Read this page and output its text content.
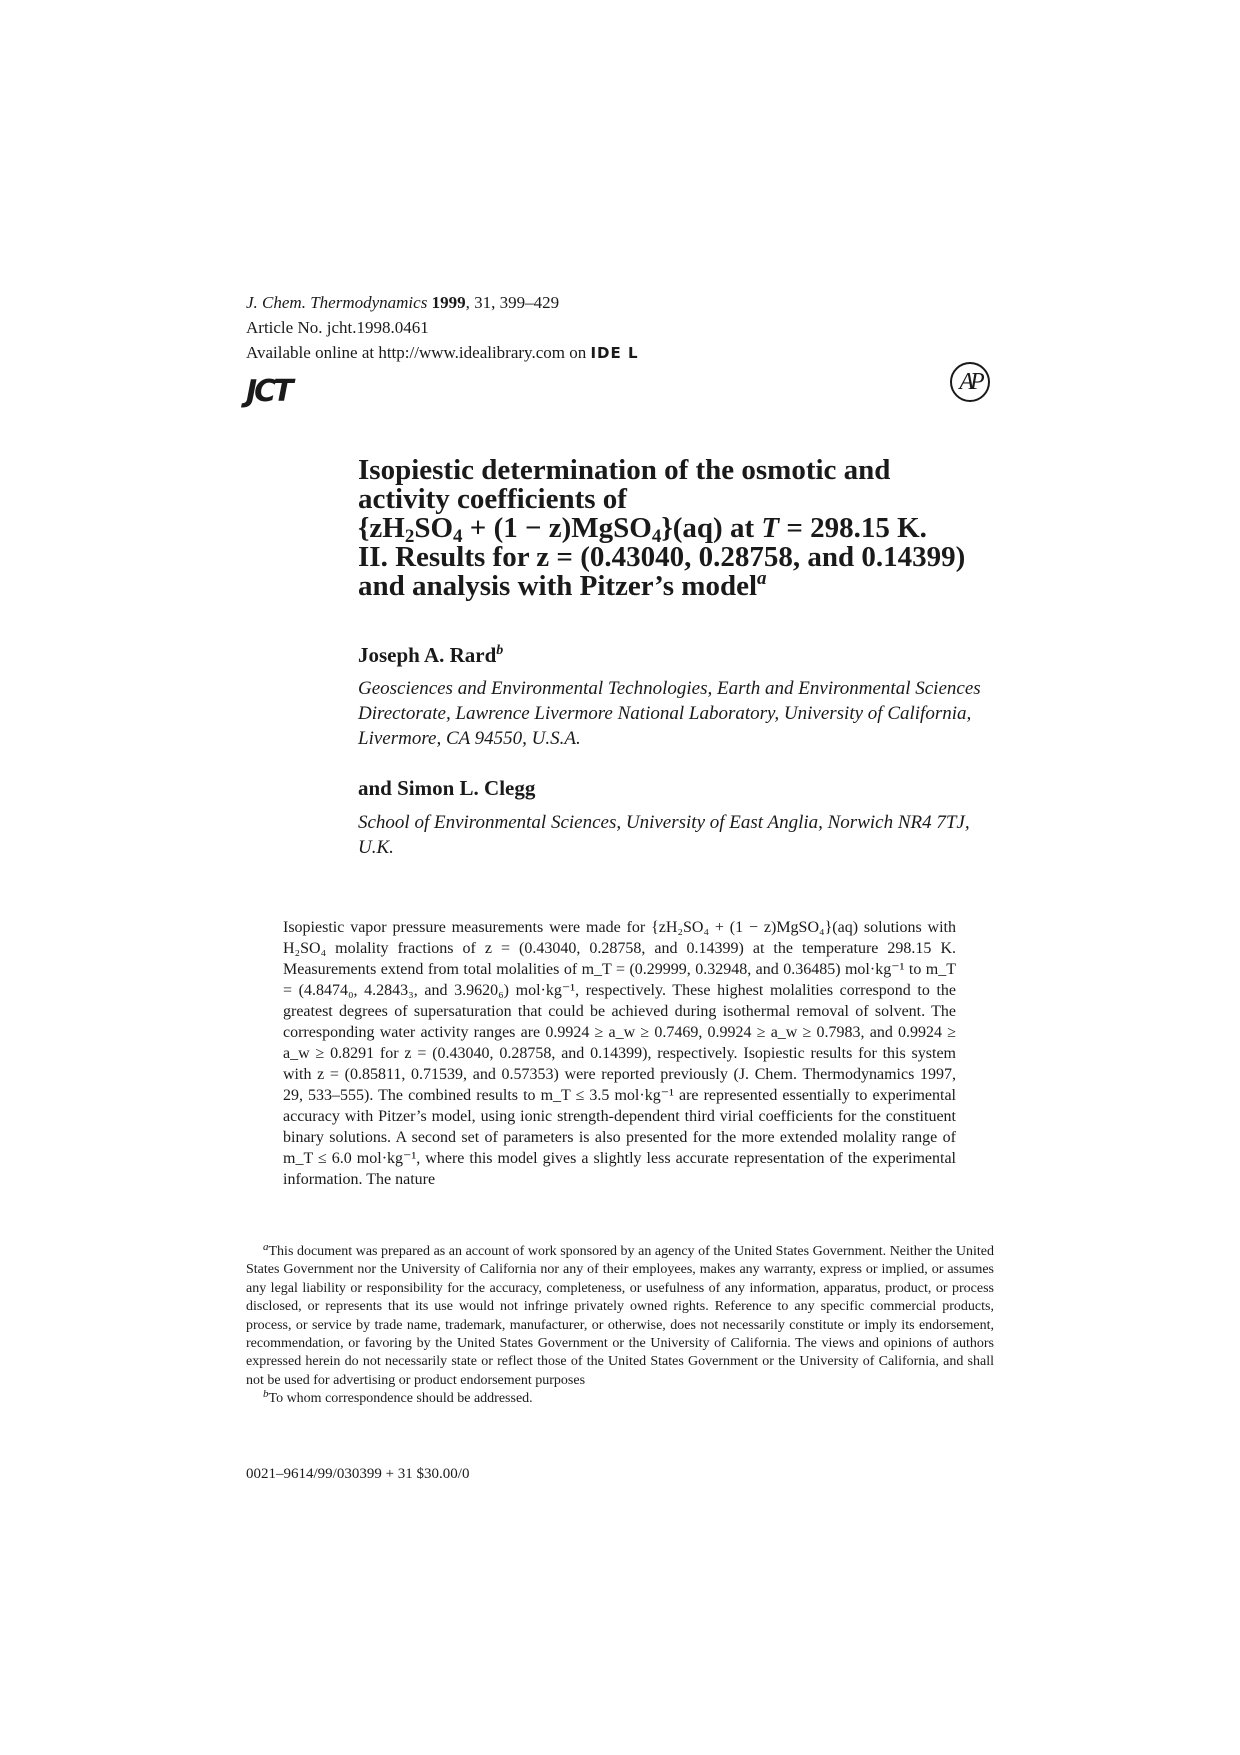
J. Chem. Thermodynamics 1999, 31, 399–429
Article No. jcht.1998.0461
Available online at http://www.idealibrary.com on IDE L
JCT	AP
Isopiestic determination of the osmotic and
activity coefficients of
{$zH_2SO_4 + (1$ − z)MgSO$_4$}(aq) at T = 298.15 K.
II. Results for z = (0.43040, 0.28758, and 0.14399)
and analysis with Pitzer’s model$^a$
Joseph A. Rard$^b$
Geosciences and Environmental Technologies, Earth and Environmental Sciences Directorate, Lawrence Livermore National Laboratory, University of California, Livermore, CA 94550, U.S.A.
and Simon L. Clegg
School of Environmental Sciences, University of East Anglia, Norwich NR4 7TJ, U.K.

Isopiestic vapor pressure measurements were made for {zH₂SO₄ + (1 − z)MgSO₄}(aq) solutions with H₂SO₄ molality fractions of z = (0.43040, 0.28758, and 0.14399) at the temperature 298.15 K. Measurements extend from total molalities of m_T = (0.29999, 0.32948, and 0.36485) mol·kg⁻¹ to m_T = (4.8474₀, 4.2843₃, and 3.9620₆) mol·kg⁻¹, respectively. These highest molalities correspond to the greatest degrees of supersaturation that could be achieved during isothermal removal of solvent. The corresponding water activity ranges are 0.9924 ≥ a_w ≥ 0.7469, 0.9924 ≥ a_w ≥ 0.7983, and 0.9924 ≥ a_w ≥ 0.8291 for z = (0.43040, 0.28758, and 0.14399), respectively. Isopiestic results for this system with z = (0.85811, 0.71539, and 0.57353) were reported previously (J. Chem. Thermodynamics 1997, 29, 533–555). The combined results to m_T ≤ 3.5 mol·kg⁻¹ are represented essentially to experimental accuracy with Pitzer’s model, using ionic strength-dependent third virial coefficients for the constituent binary solutions. A second set of parameters is also presented for the more extended molality range of m_T ≤ 6.0 mol·kg⁻¹, where this model gives a slightly less accurate representation of the experimental information. The nature

$^a$This document was prepared as an account of work sponsored by an agency of the United States Government. Neither the United States Government nor the University of California nor any of their employees, makes any warranty, express or implied, or assumes any legal liability or responsibility for the accuracy, completeness, or usefulness of any information, apparatus, product, or process disclosed, or represents that its use would not infringe privately owned rights. Reference to any specific commercial products, process, or service by trade name, trademark, manufacturer, or otherwise, does not necessarily constitute or imply its endorsement, recommendation, or favoring by the United States Government or the University of California. The views and opinions of authors expressed herein do not necessarily state or reflect those of the United States Government or the University of California, and shall not be used for advertising or product endorsement purposes

$^b$To whom correspondence should be addressed.

0021–9614/99/030399 + 31 $30.00/0
